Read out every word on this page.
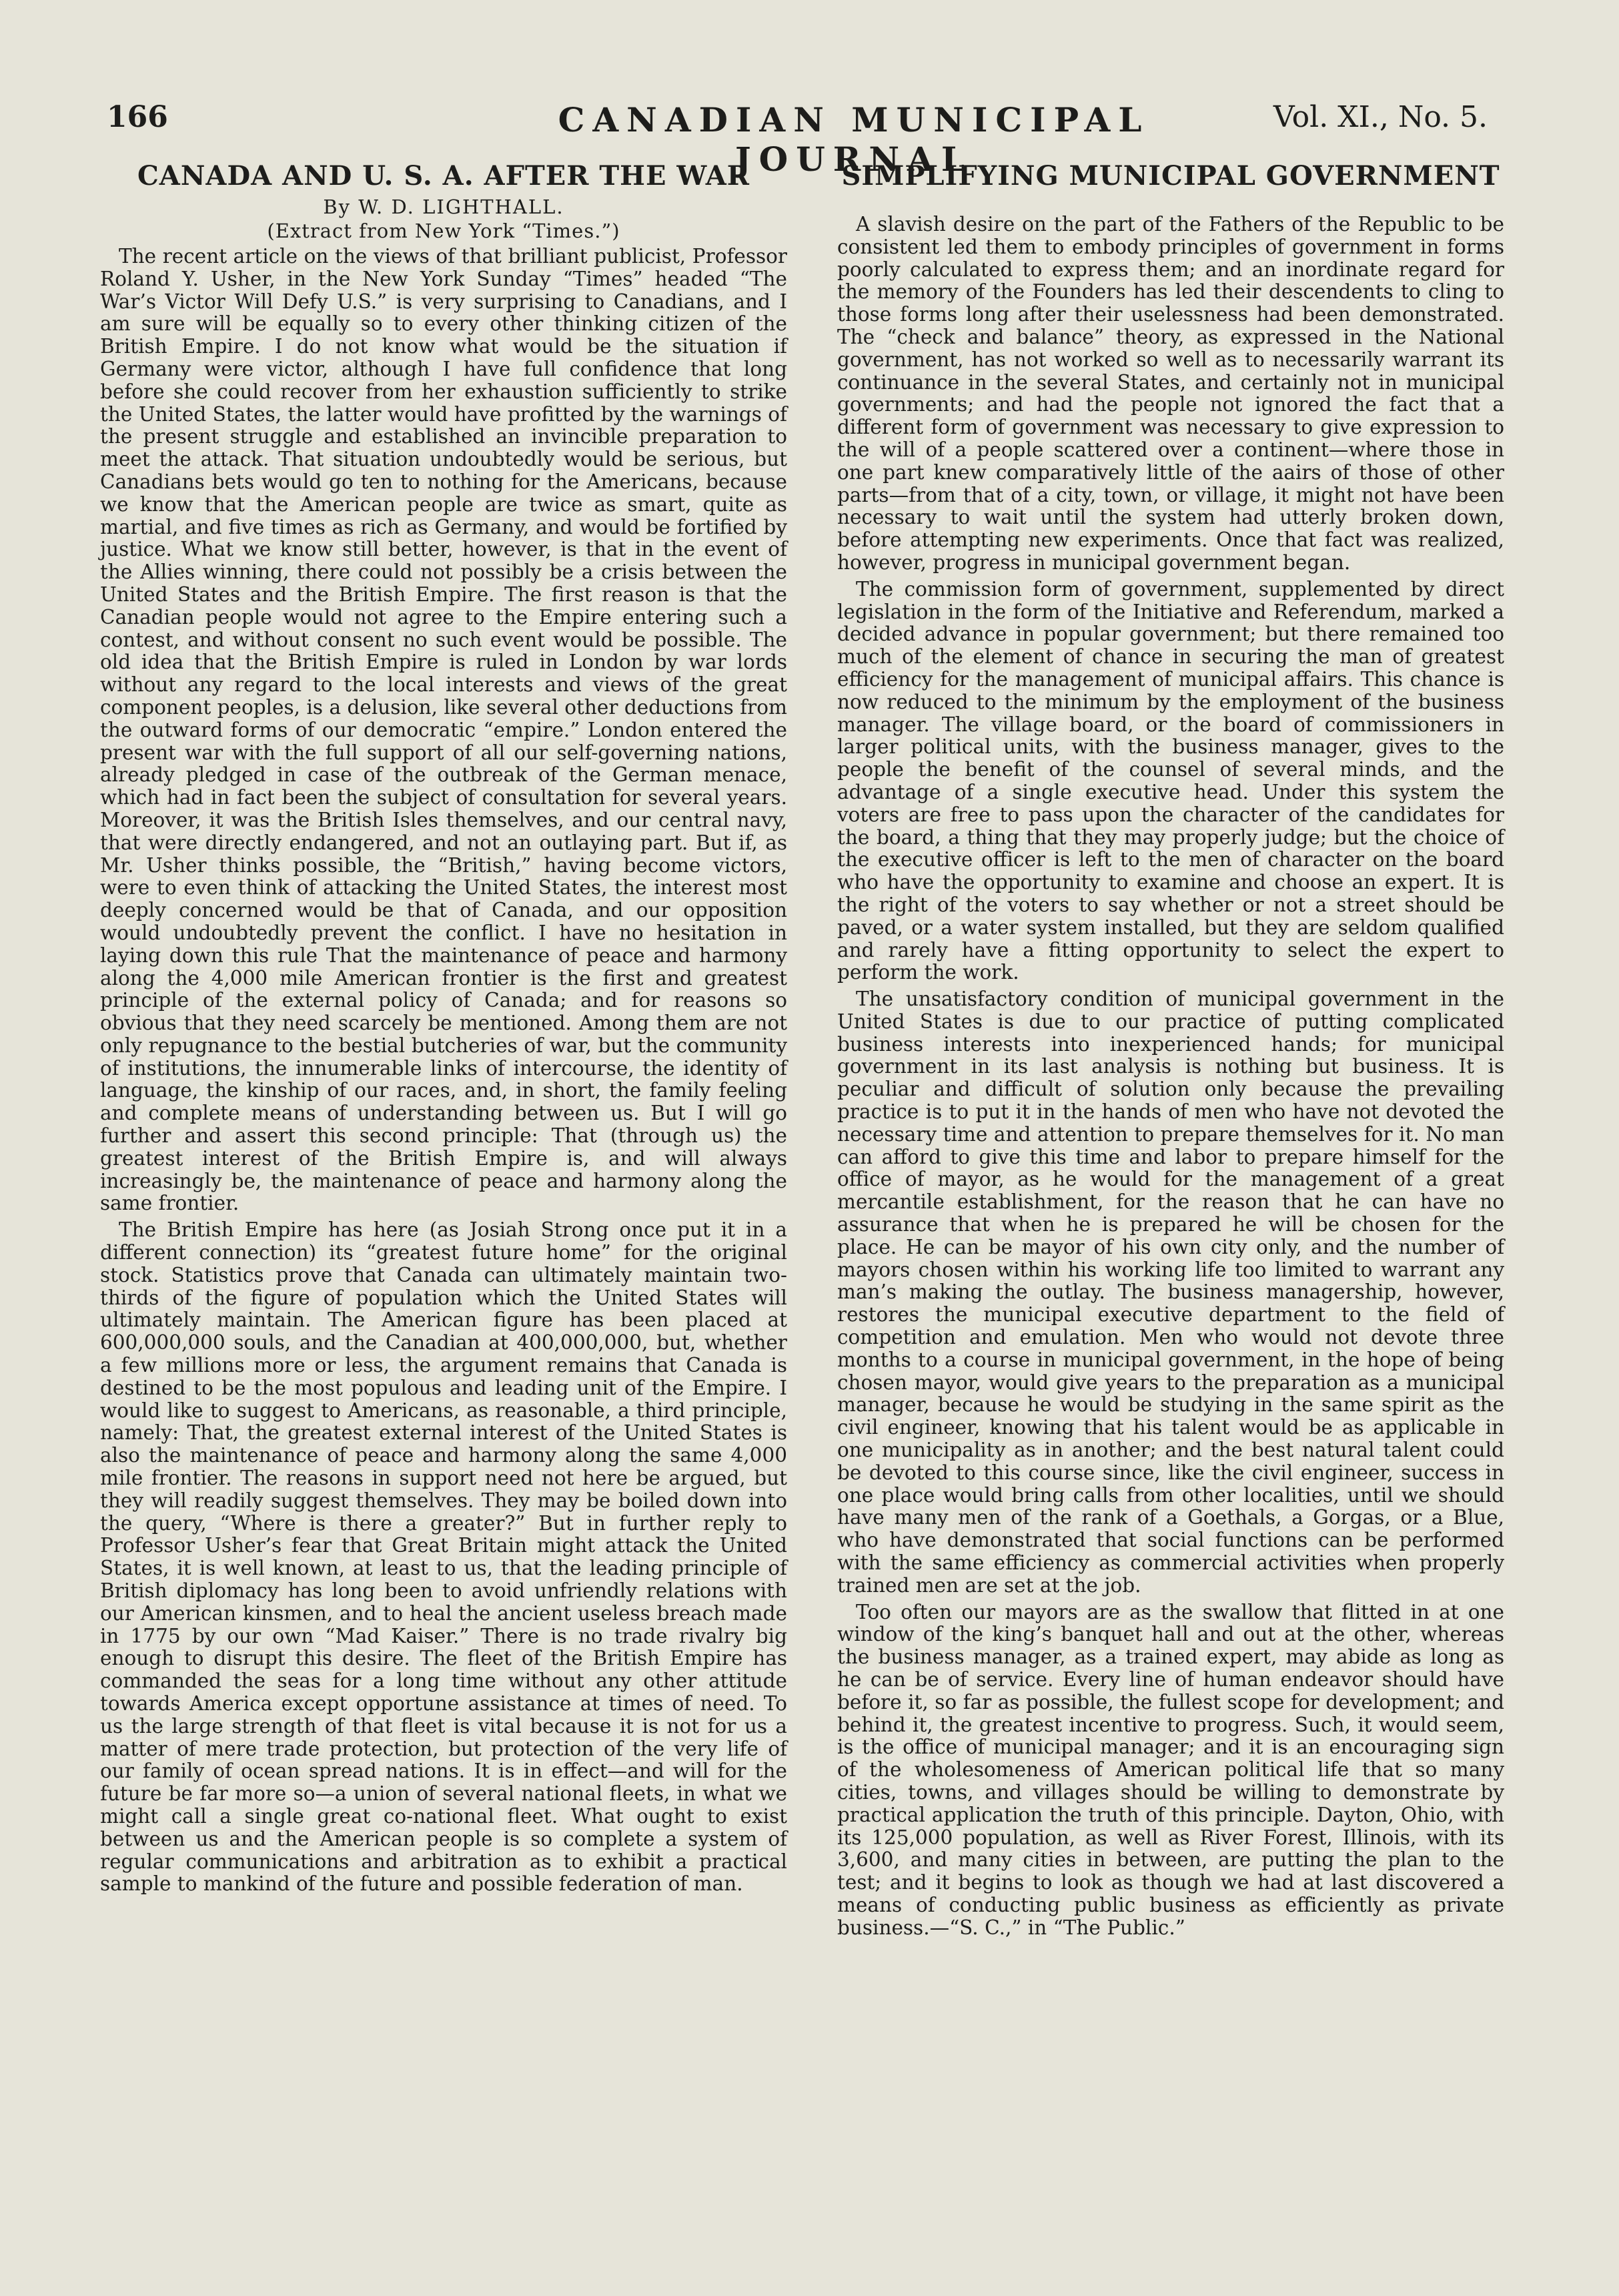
166	CANADIAN MUNICIPAL JOURNAL
Vol. XI., No. 5.
CANADA AND U. S. A. AFTER THE WAR
By W. D. LIGHTHALL.
(Extract from New York “Times.”)

The recent article on the views of that brilliant publicist, Professor Roland Y. Usher, in the New York Sunday “Times” headed “The War’s Victor Will Defy U.S.” is very surprising to Canadians, and I am sure will be equally so to every other thinking citizen of the British Empire. I do not know what would be the situation if Germany were victor, although I have full confidence that long before she could recover from her exhaustion sufficiently to strike the United States, the latter would have profitted by the warnings of the present struggle and established an invincible preparation to meet the attack. That situation undoubtedly would be serious, but Canadians bets would go ten to nothing for the Americans, because we know that the American people are twice as smart, quite as martial, and five times as rich as Germany, and would be fortified by justice. What we know still better, however, is that in the event of the Allies winning, there could not possibly be a crisis between the United States and the British Empire. The first reason is that the Canadian people would not agree to the Empire entering such a contest, and without consent no such event would be possible. The old idea that the British Empire is ruled in London by war lords without any regard to the local interests and views of the great component peoples, is a delusion, like several other deductions from the outward forms of our democratic “empire.” London entered the present war with the full support of all our self-governing nations, already pledged in case of the outbreak of the German menace, which had in fact been the subject of consultation for several years. Moreover, it was the British Isles themselves, and our central navy, that were directly endangered, and not an outlaying part. But if, as Mr. Usher thinks possible, the “British,” having become victors, were to even think of attacking the United States, the interest most deeply concerned would be that of Canada, and our opposition would undoubtedly prevent the conflict. I have no hesitation in laying down this rule That the maintenance of peace and harmony along the 4,000 mile American frontier is the first and greatest principle of the external policy of Canada; and for reasons so obvious that they need scarcely be mentioned. Among them are not only repugnance to the bestial butcheries of war, but the community of institutions, the innumerable links of intercourse, the identity of language, the kinship of our races, and, in short, the family feeling and complete means of understanding between us. But I will go further and assert this second principle: That (through us) the greatest interest of the British Empire is, and will always increasingly be, the maintenance of peace and harmony along the same frontier.

The British Empire has here (as Josiah Strong once put it in a different connection) its “greatest future home” for the original stock. Statistics prove that Canada can ultimately maintain two-thirds of the figure of population which the United States will ultimately maintain. The American figure has been placed at 600,000,000 souls, and the Canadian at 400,000,000, but, whether a few millions more or less, the argument remains that Canada is destined to be the most populous and leading unit of the Empire. I would like to suggest to Americans, as reasonable, a third principle, namely: That, the greatest external interest of the United States is also the maintenance of peace and harmony along the same 4,000 mile frontier. The reasons in support need not here be argued, but they will readily suggest themselves. They may be boiled down into the query, “Where is there a greater?” But in further reply to Professor Usher’s fear that Great Britain might attack the United States, it is well known, at least to us, that the leading principle of British diplomacy has long been to avoid unfriendly relations with our American kinsmen, and to heal the ancient useless breach made in 1775 by our own “Mad Kaiser.” There is no trade rivalry big enough to disrupt this desire. The fleet of the British Empire has commanded the seas for a long time without any other attitude towards America except opportune assistance at times of need. To us the large strength of that fleet is vital because it is not for us a matter of mere trade protection, but protection of the very life of our family of ocean spread nations. It is in effect—and will for the future be far more so—a union of several national fleets, in what we might call a single great co-national fleet. What ought to exist between us and the American people is so complete a system of regular communications and arbitration as to exhibit a practical sample to mankind of the future and possible federation of man.

SIMPLIFYING MUNICIPAL GOVERNMENT

A slavish desire on the part of the Fathers of the Republic to be consistent led them to embody principles of government in forms poorly calculated to express them; and an inordinate regard for the memory of the Founders has led their descendents to cling to those forms long after their uselessness had been demonstrated. The “check and balance” theory, as expressed in the National government, has not worked so well as to necessarily warrant its continuance in the several States, and certainly not in municipal governments; and had the people not ignored the fact that a different form of government was necessary to give expression to the will of a people scattered over a continent—where those in one part knew comparatively little of the aairs of those of other parts—from that of a city, town, or village, it might not have been necessary to wait until the system had utterly broken down, before attempting new experiments. Once that fact was realized, however, progress in municipal government began.

The commission form of government, supplemented by direct legislation in the form of the Initiative and Referendum, marked a decided advance in popular government; but there remained too much of the element of chance in securing the man of greatest efficiency for the management of municipal affairs. This chance is now reduced to the minimum by the employment of the business manager. The village board, or the board of commissioners in larger political units, with the business manager, gives to the people the benefit of the counsel of several minds, and the advantage of a single executive head. Under this system the voters are free to pass upon the character of the candidates for the board, a thing that they may properly judge; but the choice of the executive officer is left to the men of character on the board who have the opportunity to examine and choose an expert. It is the right of the voters to say whether or not a street should be paved, or a water system installed, but they are seldom qualified and rarely have a fitting opportunity to select the expert to perform the work.

The unsatisfactory condition of municipal government in the United States is due to our practice of putting complicated business interests into inexperienced hands; for municipal government in its last analysis is nothing but business. It is peculiar and difficult of solution only because the prevailing practice is to put it in the hands of men who have not devoted the necessary time and attention to prepare themselves for it. No man can afford to give this time and labor to prepare himself for the office of mayor, as he would for the management of a great mercantile establishment, for the reason that he can have no assurance that when he is prepared he will be chosen for the place. He can be mayor of his own city only, and the number of mayors chosen within his working life too limited to warrant any man’s making the outlay. The business managership, however, restores the municipal executive department to the field of competition and emulation. Men who would not devote three months to a course in municipal government, in the hope of being chosen mayor, would give years to the preparation as a municipal manager, because he would be studying in the same spirit as the civil engineer, knowing that his talent would be as applicable in one municipality as in another; and the best natural talent could be devoted to this course since, like the civil engineer, success in one place would bring calls from other localities, until we should have many men of the rank of a Goethals, a Gorgas, or a Blue, who have demonstrated that social functions can be performed with the same efficiency as commercial activities when properly trained men are set at the job.

Too often our mayors are as the swallow that flitted in at one window of the king’s banquet hall and out at the other, whereas the business manager, as a trained expert, may abide as long as he can be of service. Every line of human endeavor should have before it, so far as possible, the fullest scope for development; and behind it, the greatest incentive to progress. Such, it would seem, is the office of municipal manager; and it is an encouraging sign of the wholesomeness of American political life that so many cities, towns, and villages should be willing to demonstrate by practical application the truth of this principle. Dayton, Ohio, with its 125,000 population, as well as River Forest, Illinois, with its 3,600, and many cities in between, are putting the plan to the test; and it begins to look as though we had at last discovered a means of conducting public business as efficiently as private business.—“S. C.,” in “The Public.”
